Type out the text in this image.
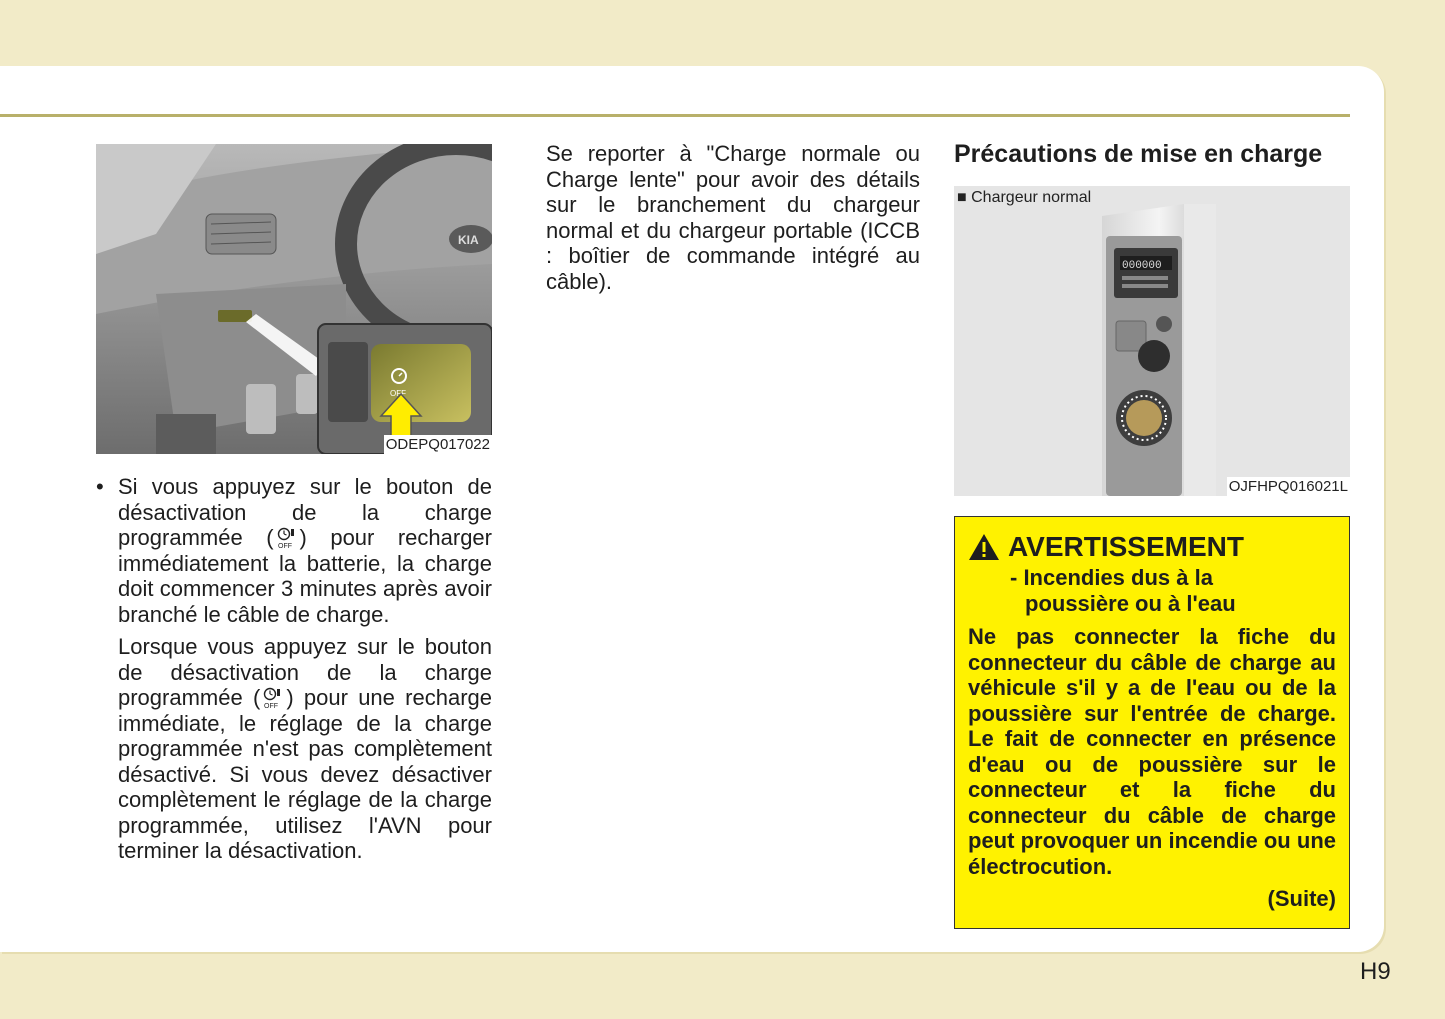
KIA
OFF
ODEPQ017022
• Si vous appuyez sur le bouton de désactivation de la charge programmée ( OFF ) pour recharger immédiatement la batterie, la charge doit commencer 3 minutes après avoir branché le câble de charge.
Lorsque vous appuyez sur le bouton de désactivation de la charge programmée ( OFF ) pour une recharge immédiate, le réglage de la charge programmée n'est pas complètement désactivé. Si vous devez désactiver complètement le réglage de la charge programmée, utilisez l'AVN pour terminer la désactivation.
Se reporter à "Charge normale ou Charge lente" pour avoir des détails sur le branchement du chargeur normal et du chargeur portable (ICCB : boîtier de commande intégré au câble).
Précautions de mise en charge
000000
■ Chargeur normal
OJFHPQ016021L
AVERTISSEMENT
- Incendies dus à la
poussière ou à l'eau
Ne pas connecter la fiche du connecteur du câble de charge au véhicule s'il y a de l'eau ou de la poussière sur l'entrée de charge. Le fait de connecter en présence d'eau ou de poussière sur le connecteur et la fiche du connecteur du câble de charge peut provoquer un incendie ou une électrocution.
(Suite)
H9
